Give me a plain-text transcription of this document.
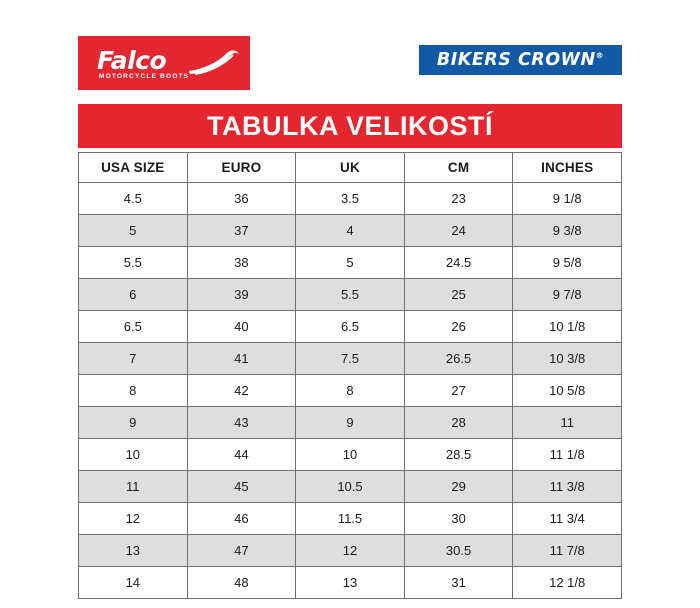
Falco
MOTORCYCLE BOOTS
BIKERS CROWN®
TABULKA VELIKOSTÍ
USA SIZE	EURO	UK	CM	INCHES
4.5	36	3.5	23	9 1/8
5	37	4	24	9 3/8
5.5	38	5	24.5	9 5/8
6	39	5.5	25	9 7/8
6.5	40	6.5	26	10 1/8
7	41	7.5	26.5	10 3/8
8	42	8	27	10 5/8
9	43	9	28	11
10	44	10	28.5	11 1/8
11	45	10.5	29	11 3/8
12	46	11.5	30	11 3/4
13	47	12	30.5	11 7/8
14	48	13	31	12 1/8
